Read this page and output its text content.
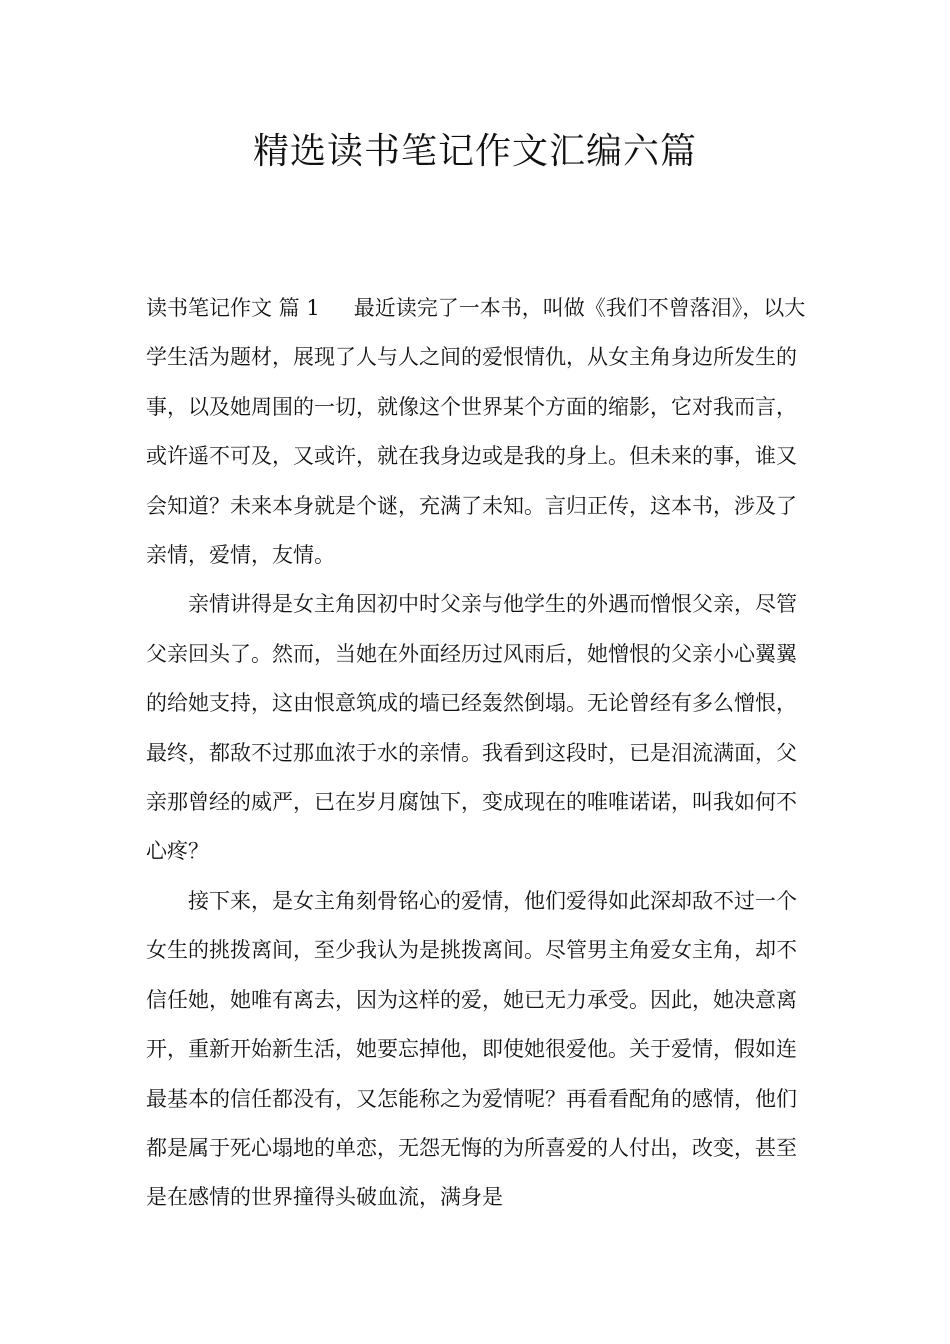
精选读书笔记作文汇编六篇

读书笔记作文 篇 1 最近读完了一本书，叫做《我们不曾落泪》，以大学生活为题材，展现了人与人之间的爱恨情仇，从女主角身边所发生的事，以及她周围的一切，就像这个世界某个方面的缩影，它对我而言，或许遥不可及，又或许，就在我身边或是我的身上。但未来的事，谁又会知道？未来本身就是个谜，充满了未知。言归正传，这本书，涉及了亲情，爱情，友情。

亲情讲得是女主角因初中时父亲与他学生的外遇而憎恨父亲，尽管父亲回头了。然而，当她在外面经历过风雨后，她憎恨的父亲小心翼翼的给她支持，这由恨意筑成的墙已经轰然倒塌。无论曾经有多么憎恨，最终，都敌不过那血浓于水的亲情。我看到这段时，已是泪流满面，父亲那曾经的威严，已在岁月腐蚀下，变成现在的唯唯诺诺，叫我如何不心疼？

接下来，是女主角刻骨铭心的爱情，他们爱得如此深却敌不过一个女生的挑拨离间，至少我认为是挑拨离间。尽管男主角爱女主角，却不信任她，她唯有离去，因为这样的爱，她已无力承受。因此，她决意离开，重新开始新生活，她要忘掉他，即使她很爱他。关于爱情，假如连最基本的信任都没有，又怎能称之为爱情呢？再看看配角的感情，他们都是属于死心塌地的单恋，无怨无悔的为所喜爱的人付出，改变，甚至是在感情的世界撞得头破血流，满身是
